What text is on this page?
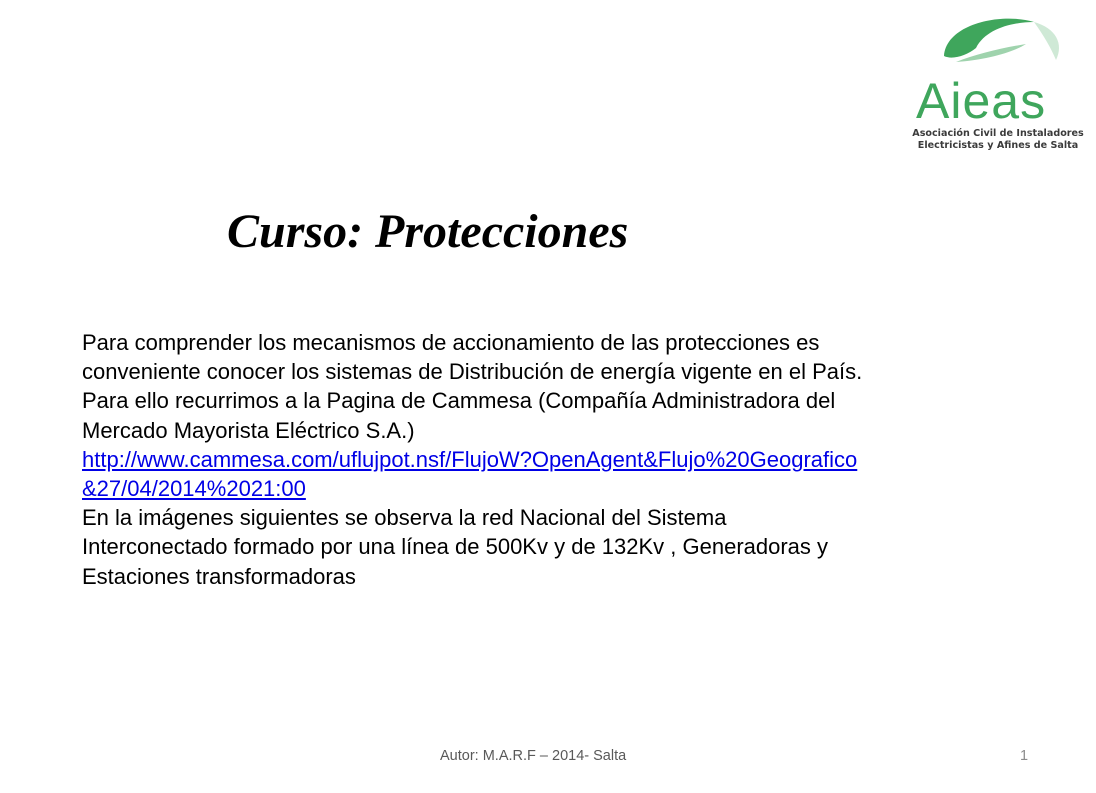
Aieas
Asociación Civil de Instaladores
Electricistas y Afines de Salta
Curso: Protecciones
Para comprender los mecanismos de accionamiento de las protecciones es
conveniente conocer los sistemas de Distribución de energía vigente en el País.
Para ello recurrimos a la Pagina de Cammesa (Compañía Administradora del
Mercado Mayorista Eléctrico S.A.)
http://www.cammesa.com/uflujpot.nsf/FlujoW?OpenAgent&Flujo%20Geografico
&27/04/2014%2021:00
En la imágenes siguientes se observa la red Nacional del Sistema
Interconectado formado por una línea de 500Kv y de 132Kv , Generadoras y
Estaciones transformadoras
Autor: M.A.R.F – 2014- Salta	1
